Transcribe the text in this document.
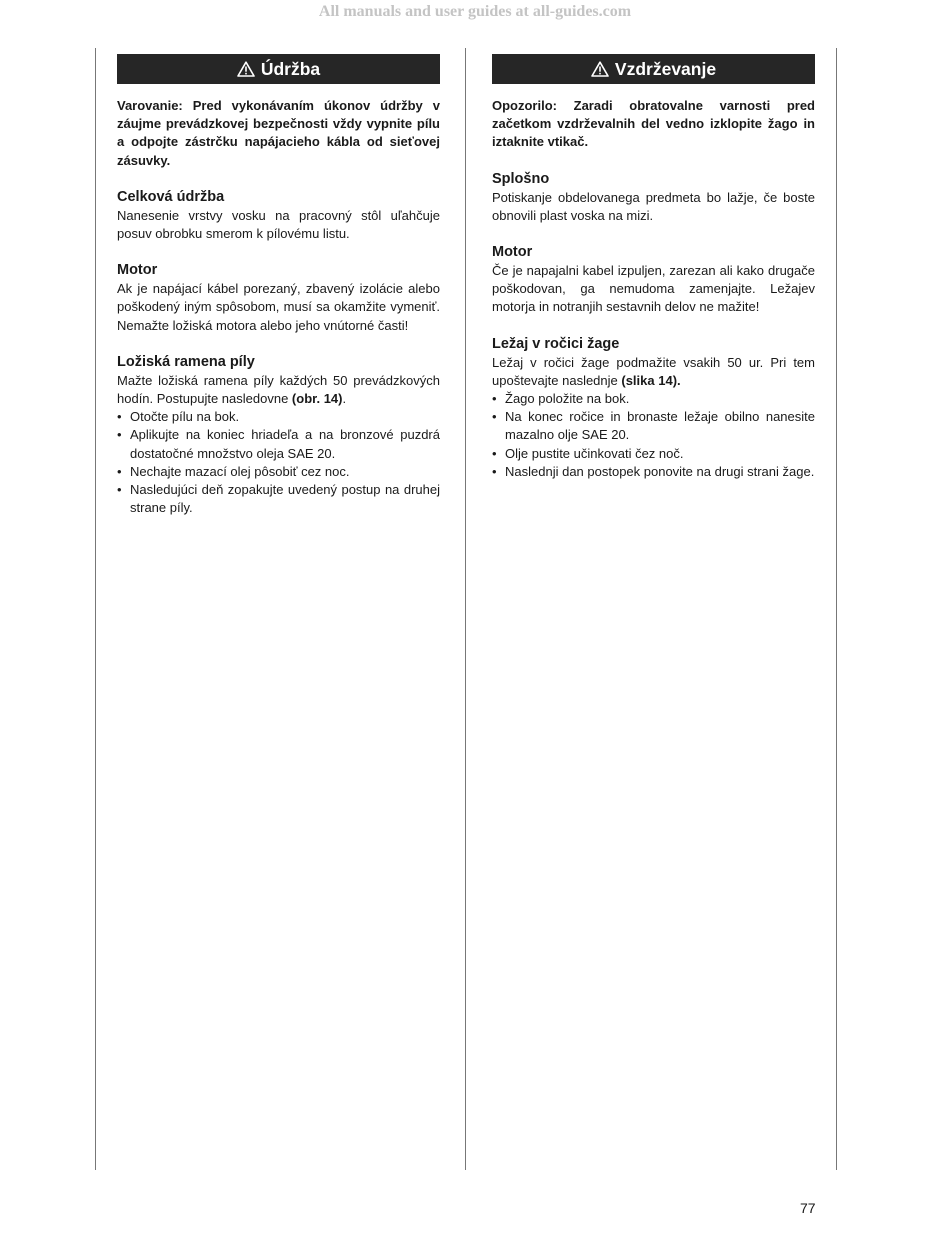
All manuals and user guides at all-guides.com
Údržba

Varovanie: Pred vykonávaním úkonov údržby v záujme prevádzkovej bezpečnosti vždy vypnite pílu a odpojte zástrčku napájacieho kábla od sieťovej zásuvky.

Celková údržba

Nanesenie vrstvy vosku na pracovný stôl uľahčuje posuv obrobku smerom k pílovému listu.

Motor

Ak je napájací kábel porezaný, zbavený izolácie alebo poškodený iným spôsobom, musí sa okamžite vymeniť. Nemažte ložiská motora alebo jeho vnútorné časti!

Ložiská ramena píly

Mažte ložiská ramena píly každých 50 prevádzkových hodín. Postupujte nasledovne (obr. 14).

• Otočte pílu na bok.
• Aplikujte na koniec hriadeľa a na bronzové puzdrá dostatočné množstvo oleja SAE 20.
• Nechajte mazací olej pôsobiť cez noc.
• Nasledujúci deň zopakujte uvedený postup na druhej strane píly.
Vzdrževanje

Opozorilo: Zaradi obratovalne varnosti pred začetkom vzdrževalnih del vedno izklopite žago in iztaknite vtikač.

Splošno

Potiskanje obdelovanega predmeta bo lažje, če boste obnovili plast voska na mizi.

Motor

Če je napajalni kabel izpuljen, zarezan ali kako drugače poškodovan, ga nemudoma zamenjajte. Ležajev motorja in notranjih sestavnih delov ne mažite!

Ležaj v ročici žage

Ležaj v ročici žage podmažite vsakih 50 ur. Pri tem upoštevajte naslednje (slika 14).

• Žago položite na bok.
• Na konec ročice in bronaste ležaje obilno nanesite mazalno olje SAE 20.
• Olje pustite učinkovati čez noč.
• Naslednji dan postopek ponovite na drugi strani žage.
77
